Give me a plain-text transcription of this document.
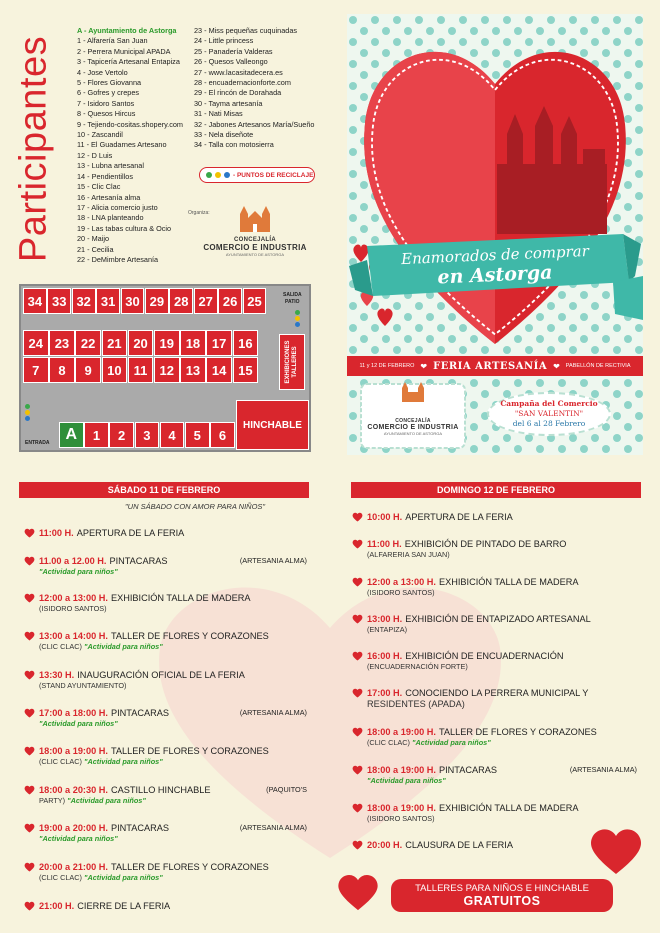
Participantes
A - Ayuntamiento de Astorga
1 - Alfarería San Juan
2 - Perrera Municipal APADA
3 - Tapicería Artesanal Entapiza
4 - Jose Vertolo
5 - Flores Giovanna
6 - Gofres y crepes
7 - Isidoro Santos
8 - Quesos Hircus
9 - Tejiendo-cositas.shopery.com
10 - Zascandil
11 - El Guadarnes Artesano
12 - D Luis
13 - Lubna artesanal
14 - Pendientillos
15 - Clic Clac
16 - Artesanía alma
17 - Alicia comercio justo
18 - LNA planteando
19 - Las tabas cultura & Ocio
20 - Maijo
21 - Cecilia
22 - DeMimbre Artesanía
23 - Miss pequeñas cuquinadas
24 - Little princess
25 - Panadería Valderas
26 - Quesos Valleongo
27 - www.lacasitadecera.es
28 - encuadernacionforte.com
29 - El rincón de Dorahada
30 - Tayma artesanía
31 - Nati Misas
32 - Jabones Artesanos María/Sueño
33 - Nela diseñote
34 - Talla con motosierra
- PUNTOS DE RECICLAJE
Organiza:
CONCEJALÍA
COMERCIO E INDUSTRIA
AYUNTAMIENTO DE ASTORGA
34 33 32 31 30 29 28 27 26 25
24 23 22 21 20 19 18 17 16
7	8	9	10 11 12 13 14 15
A	1	2	3	4	5	6
EXHIBICIONES TALLERES
HINCHABLE
ENTRADA
SALIDA
PATIO
Enamorados de comprar
en Astorga
11 y 12 DE FEBRERO ❤ FERIA ARTESANÍA ❤ PABELLÓN DE RECTIVIA
CONCEJALÍA
COMERCIO E INDUSTRIA
AYUNTAMIENTO DE ASTORGA
Campaña del Comercio
"SAN VALENTIN"
del 6 al 28 Febrero
SÁBADO 11 DE FEBRERO
"UN SÁBADO CON AMOR PARA NIÑOS"
11:00 H. APERTURA DE LA FERIA
11.00 a 12.00 H. PINTACARAS	(ARTESANIA ALMA)
"Actividad para niños"
12:00 a 13:00 H. EXHIBICIÓN TALLA DE MADERA
(ISIDORO SANTOS)
13:00 a 14:00 H. TALLER DE FLORES Y CORAZONES
(CLIC CLAC) "Actividad para niños"
13:30 H. INAUGURACIÓN OFICIAL DE LA FERIA
(STAND AYUNTAMIENTO)
17:00 a 18:00 H. PINTACARAS	(ARTESANIA ALMA)
"Actividad para niños"
18:00 a 19:00 H. TALLER DE FLORES Y CORAZONES
(CLIC CLAC) "Actividad para niños"
18:00 a 20:30 H. CASTILLO HINCHABLE	(PAQUITO'S
PARTY) "Actividad para niños"
19:00 a 20:00 H. PINTACARAS	(ARTESANIA ALMA)
"Actividad para niños"
20:00 a 21:00 H. TALLER DE FLORES Y CORAZONES
(CLIC CLAC) "Actividad para niños"
21:00 H. CIERRE DE LA FERIA
DOMINGO 12 DE FEBRERO
10:00 H. APERTURA DE LA FERIA
11:00 H. EXHIBICIÓN DE PINTADO DE BARRO
(ALFARERIA SAN JUAN)
12:00 a 13:00 H. EXHIBICIÓN TALLA DE MADERA
(ISIDORO SANTOS)
13:00 H. EXHIBICIÓN DE ENTAPIZADO ARTESANAL
(ENTAPIZA)
16:00 H. EXHIBICIÓN DE ENCUADERNACIÓN
(ENCUADERNACIÓN FORTE)
17:00 H. CONOCIENDO LA PERRERA MUNICIPAL Y
RESIDENTES (APADA)
18:00 a 19:00 H. TALLER DE FLORES Y CORAZONES
(CLIC CLAC) "Actividad para niños"
18:00 a 19:00 H. PINTACARAS	(ARTESANIA ALMA)
"Actividad para niños"
18:00 a 19:00 H. EXHIBICIÓN TALLA DE MADERA
(ISIDORO SANTOS)
20:00 H. CLAUSURA DE LA FERIA
TALLERES PARA NIÑOS E HINCHABLE
GRATUITOS
